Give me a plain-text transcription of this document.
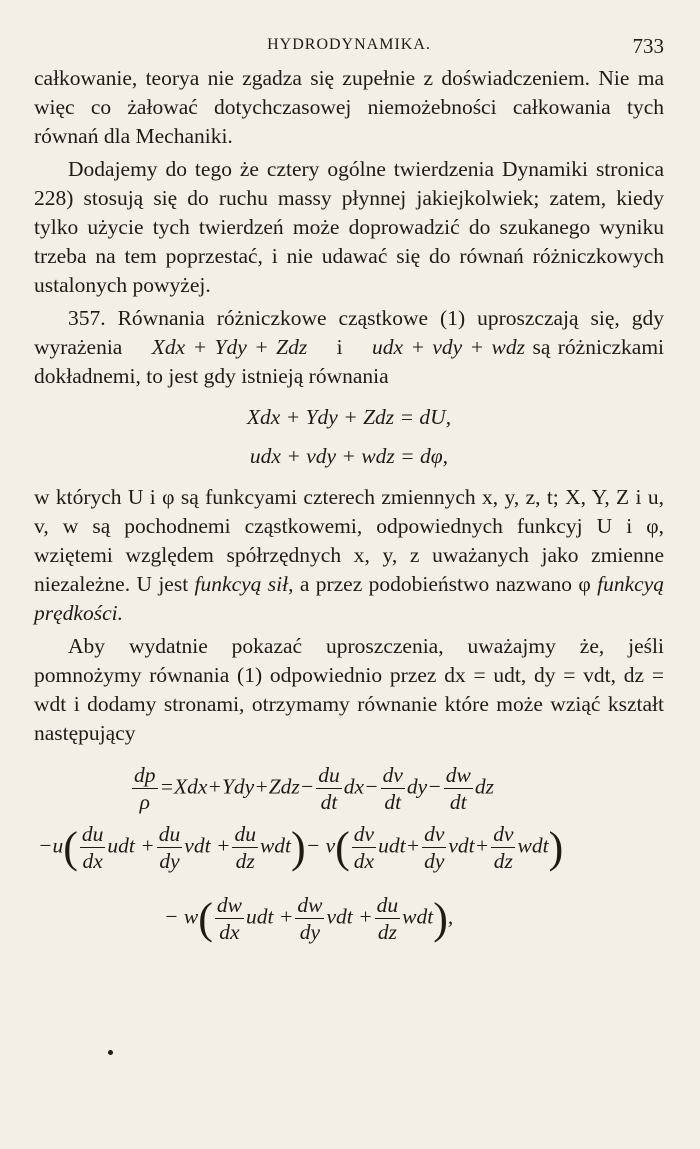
HYDRODYNAMIKA.	733

całkowanie, teorya nie zgadza się zupełnie z doświadczeniem. Nie ma więc co żałować dotychczasowej niemożebności całkowania tych równań dla Mechaniki.

Dodajemy do tego że cztery ogólne twierdzenia Dynamiki stronica 228) stosują się do ruchu massy płynnej jakiejkolwiek; zatem, kiedy tylko użycie tych twierdzeń może doprowadzić do szukanego wyniku trzeba na tem poprzestać, i nie udawać się do równań różniczkowych ustalonych powyżej.

357. Równania różniczkowe cząstkowe (1) uproszczają się, gdy wyrażenia Xdx + Ydy + Zdz i udx + vdy + wdz są różniczkami dokładnemi, to jest gdy istnieją równania

Xdx + Ydy + Zdz = dU,

udx + vdy + wdz = dφ,

w których U i φ są funkcyami czterech zmiennych x, y, z, t; X, Y, Z i u, v, w są pochodnemi cząstkowemi, odpowiednych funkcyj U i φ, wziętemi względem spółrzędnych x, y, z uważanych jako zmienne niezależne. U jest funkcyą sił, a przez podobieństwo nazwano φ funkcyą prędkości.

Aby wydatnie pokazać uproszczenia, uważajmy że, jeśli pomnożymy równania (1) odpowiednio przez dx = udt, dy = vdt, dz = wdt i dodamy stronami, otrzymamy równanie które może wziąć kształt następujący

$\frac{dp}{\rho} =Xdx+Ydy+Zdz- \frac{du}{dt} dx- \frac{dv}{dt} dy- \frac{dw}{dt}$ dz
$-u( \frac{du}{dx}$ udt + $\frac{du}{dy}$ vdt + $\frac{du}{dz} wdt)- v( \frac{dv}{dx} udt+ \frac{dv}{dy} vdt+ \frac{dv}{dz} wdt)$
− $w( \frac{dw}{dx}$ udt + $\frac{dw}{dy}$ vdt + $\frac{du}{dz} wdt$),
